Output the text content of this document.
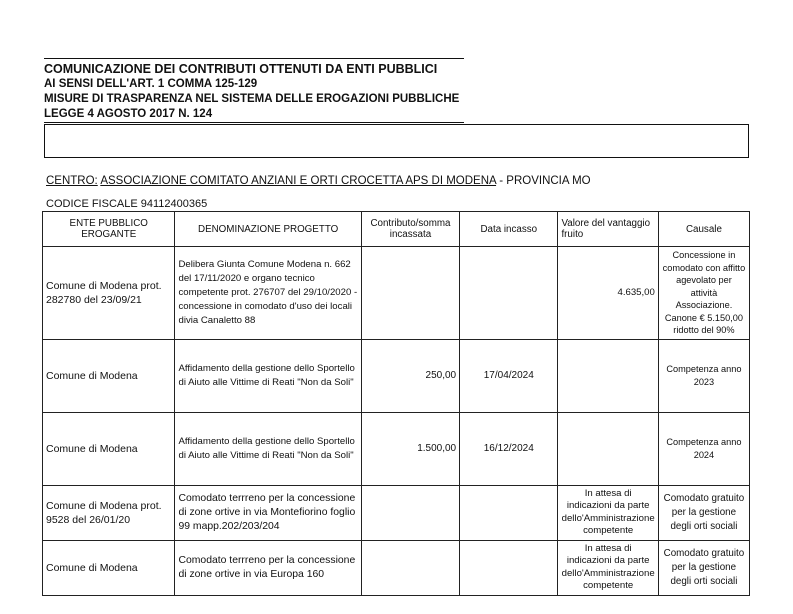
COMUNICAZIONE DEI CONTRIBUTI OTTENUTI DA ENTI PUBBLICI
AI SENSI DELL'ART. 1 COMMA 125-129
MISURE DI TRASPARENZA NEL SISTEMA DELLE EROGAZIONI PUBBLICHE
LEGGE 4 AGOSTO 2017 N. 124
CENTRO: ASSOCIAZIONE COMITATO ANZIANI E ORTI CROCETTA APS DI MODENA - PROVINCIA MO
CODICE FISCALE 94112400365
ENTE PUBBLICO EROGANTE	DENOMINAZIONE PROGETTO	Contributo/somma incassata	Data incasso	Valore del vantaggio fruito	Causale
Comune di Modena prot. 282780 del 23/09/21	Delibera Giunta Comune Modena n. 662 del 17/11/2020 e organo tecnico competente prot. 276707 del 29/10/2020 - concessione in comodato d'uso dei locali divia Canaletto 88			4.635,00	Concessione in comodato con affitto agevolato per attività Associazione. Canone € 5.150,00 ridotto del 90%
Comune di Modena	Affidamento della gestione dello Sportello di Aiuto alle Vittime di Reati "Non da Soli"	250,00	17/04/2024		Competenza anno 2023
Comune di Modena	Affidamento della gestione dello Sportello di Aiuto alle Vittime di Reati "Non da Soli"	1.500,00	16/12/2024		Competenza anno 2024
Comune di Modena prot. 9528 del 26/01/20	Comodato terrreno per la concessione di zone ortive in via Montefiorino foglio 99 mapp.202/203/204			In attesa di indicazioni da parte dello'Amministrazione competente	Comodato gratuito per la gestione degli orti sociali
Comune di Modena	Comodato terrreno per la concessione di zone ortive in via Europa 160			In attesa di indicazioni da parte dello'Amministrazione competente	Comodato gratuito per la gestione degli orti sociali
